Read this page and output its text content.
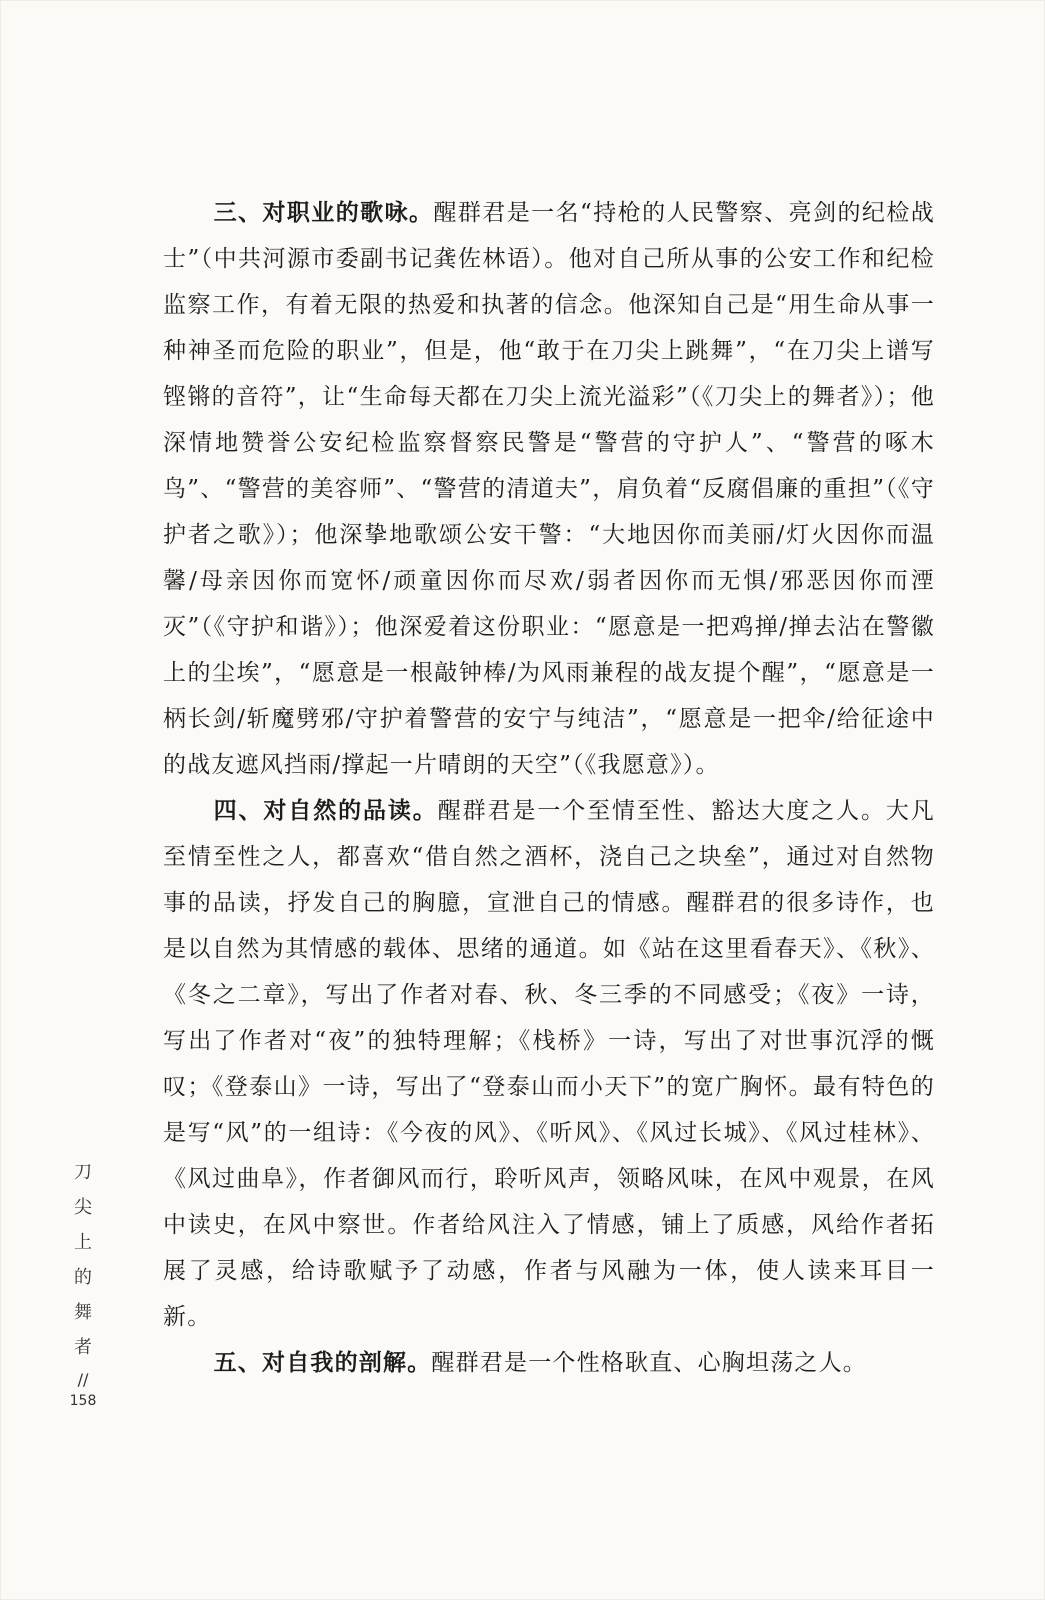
三、对职业的歌咏。醒群君是一名“持枪的人民警察、亮剑的纪检战士”（中共河源市委副书记龚佐林语）。他对自己所从事的公安工作和纪检监察工作，有着无限的热爱和执著的信念。他深知自己是“用生命从事一种神圣而危险的职业”，但是，他“敢于在刀尖上跳舞”，“在刀尖上谱写铿锵的音符”，让“生命每天都在刀尖上流光溢彩”（《刀尖上的舞者》）；他深情地赞誉公安纪检监察督察民警是“警营的守护人”、“警营的啄木鸟”、“警营的美容师”、“警营的清道夫”，肩负着“反腐倡廉的重担”（《守护者之歌》）；他深挚地歌颂公安干警：“大地因你而美丽/灯火因你而温馨/母亲因你而宽怀/顽童因你而尽欢/弱者因你而无惧/邪恶因你而湮灭”（《守护和谐》）；他深爱着这份职业：“愿意是一把鸡掸/掸去沾在警徽上的尘埃”，“愿意是一根敲钟棒/为风雨兼程的战友提个醒”，“愿意是一柄长剑/斩魔劈邪/守护着警营的安宁与纯洁”，“愿意是一把伞/给征途中的战友遮风挡雨/撑起一片晴朗的天空”（《我愿意》）。

四、对自然的品读。醒群君是一个至情至性、豁达大度之人。大凡至情至性之人，都喜欢“借自然之酒杯，浇自己之块垒”，通过对自然物事的品读，抒发自己的胸臆，宣泄自己的情感。醒群君的很多诗作，也是以自然为其情感的载体、思绪的通道。如《站在这里看春天》、《秋》、《冬之二章》，写出了作者对春、秋、冬三季的不同感受；《夜》一诗，写出了作者对“夜”的独特理解；《栈桥》一诗，写出了对世事沉浮的慨叹；《登泰山》一诗，写出了“登泰山而小天下”的宽广胸怀。最有特色的是写“风”的一组诗：《今夜的风》、《听风》、《风过长城》、《风过桂林》、《风过曲阜》，作者御风而行，聆听风声，领略风味，在风中观景，在风中读史，在风中察世。作者给风注入了情感，铺上了质感，风给作者拓展了灵感，给诗歌赋予了动感，作者与风融为一体，使人读来耳目一新。

五、对自我的剖解。醒群君是一个性格耿直、心胸坦荡之人。

刀
尖
上
的
舞
者
//
158
